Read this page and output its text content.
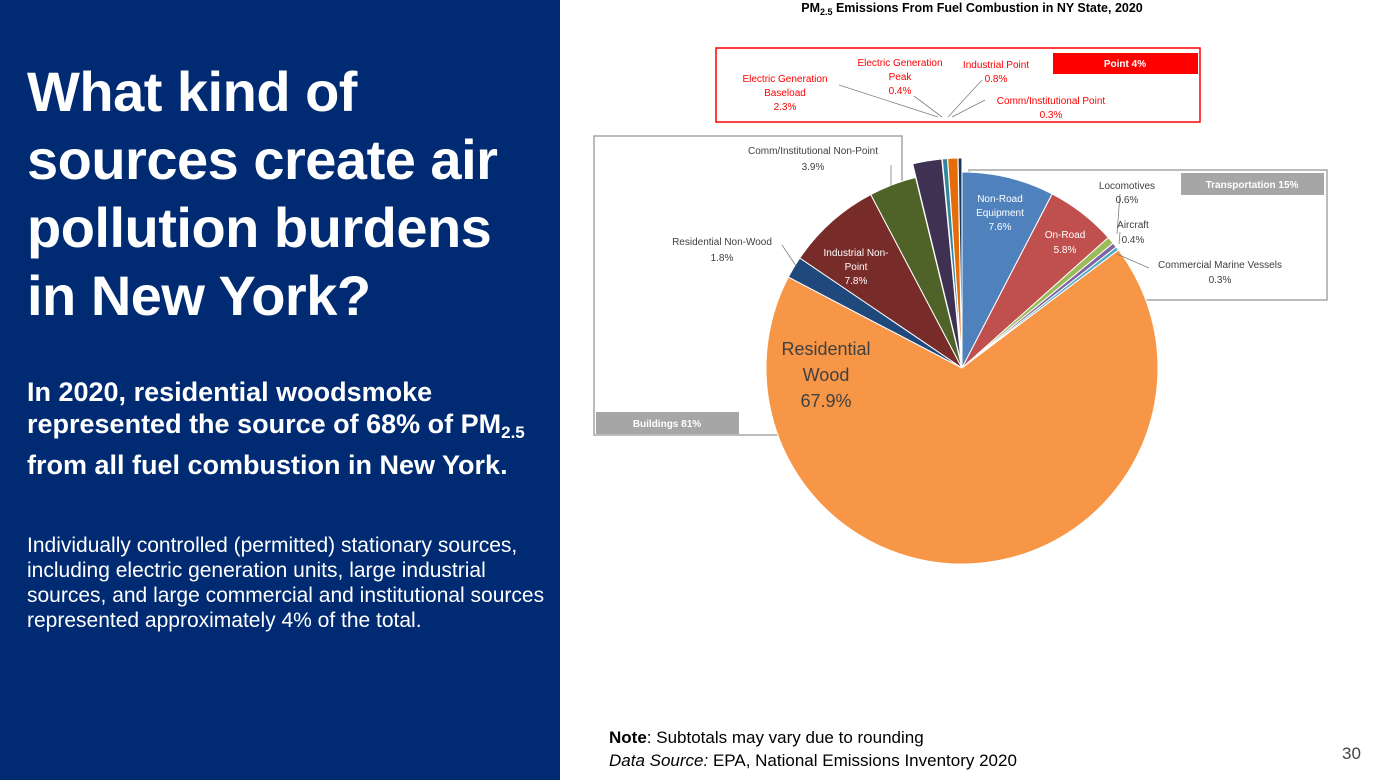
What kind of sources create air pollution burdens in New York?
In 2020, residential woodsmoke represented the source of 68% of $PM_{2.5}$ from all fuel combustion in New York.
Individually controlled (permitted) stationary sources, including electric generation units, large industrial sources, and large commercial and institutional sources represented approximately 4% of the total.
$PM_{2.5}$ Emissions From Fuel Combustion in NY State, 2020
Point 4%
Transportation 15%
Buildings 81%
Electric Generation Baseload 2.3%
Electric Generation Peak 0.4%
Industrial Point 0.8%
Comm/Institutional Point 0.3%
Comm/Institutional Non-Point 3.9%
Residential Non-Wood 1.8%	Industrial Non-Point 7.8%
Residential Wood 67.9%
Non-Road Equipment 7.6%
On-Road 5.8%
Locomotives 0.6%
Aircraft 0.4%
Commercial Marine Vessels 0.3%
Note: Subtotals may vary due to rounding
Data Source: EPA, National Emissions Inventory 2020	30
